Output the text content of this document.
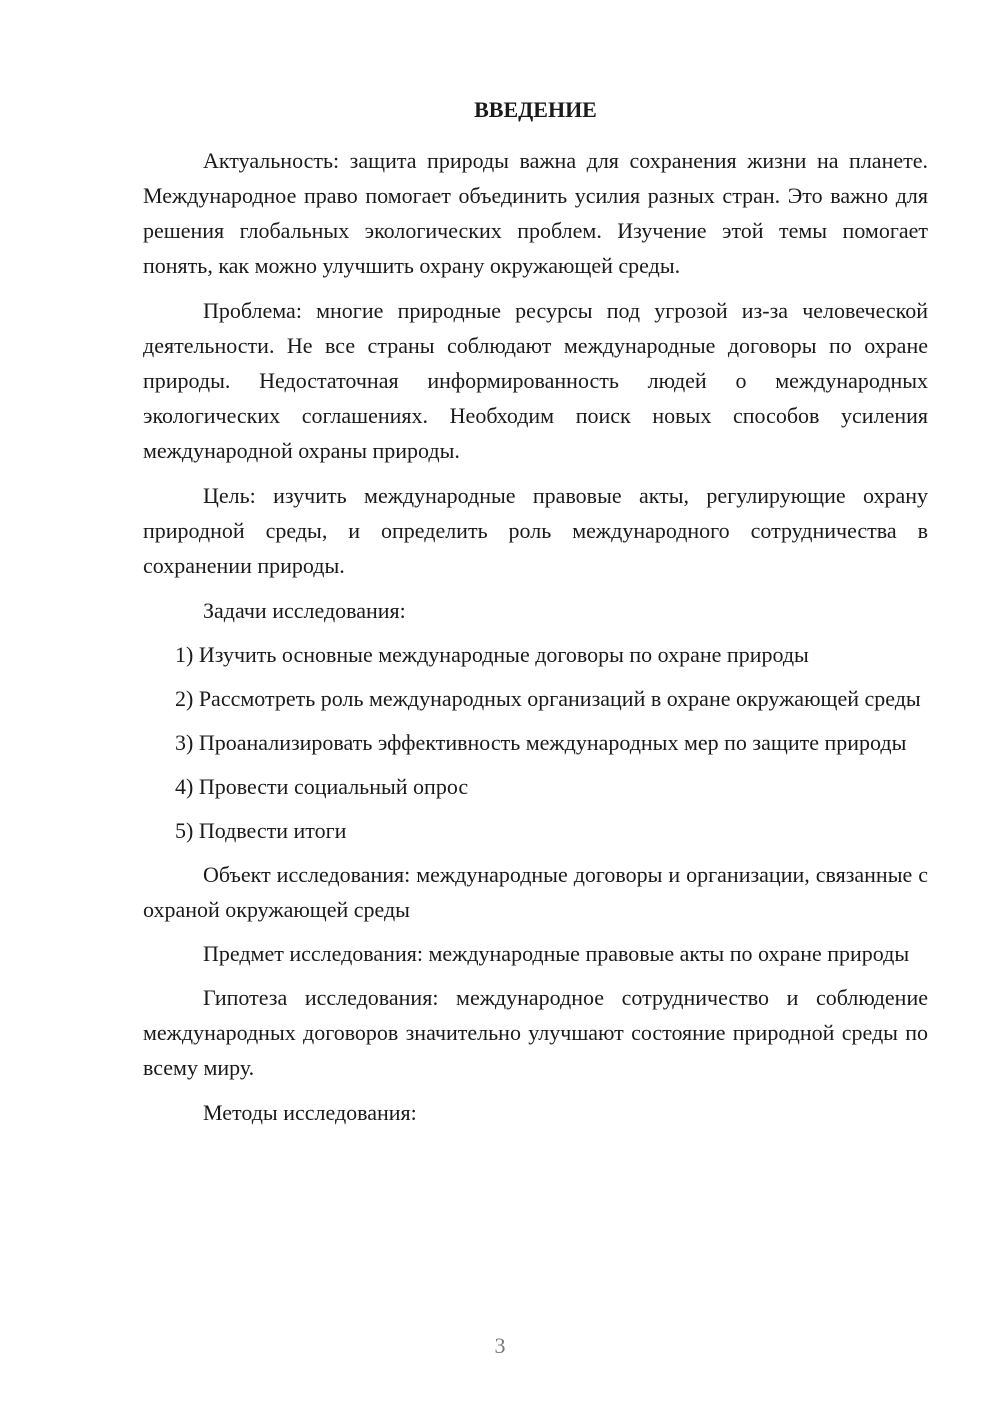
ВВЕДЕНИЕ

Актуальность: защита природы важна для сохранения жизни на планете. Международное право помогает объединить усилия разных стран. Это важно для решения глобальных экологических проблем. Изучение этой темы помогает понять, как можно улучшить охрану окружающей среды.

Проблема: многие природные ресурсы под угрозой из-за человеческой деятельности. Не все страны соблюдают международные договоры по охране природы. Недостаточная информированность людей о международных экологических соглашениях. Необходим поиск новых способов усиления международной охраны природы.

Цель: изучить международные правовые акты, регулирующие охрану природной среды, и определить роль международного сотрудничества в сохранении природы.

Задачи исследования:

1) Изучить основные международные договоры по охране природы

2) Рассмотреть роль международных организаций в охране окружающей среды

3) Проанализировать эффективность международных мер по защите природы

4) Провести социальный опрос

5) Подвести итоги

Объект исследования: международные договоры и организации, связанные с охраной окружающей среды

Предмет исследования: международные правовые акты по охране природы

Гипотеза исследования: международное сотрудничество и соблюдение международных договоров значительно улучшают состояние природной среды по всему миру.

Методы исследования:

3
